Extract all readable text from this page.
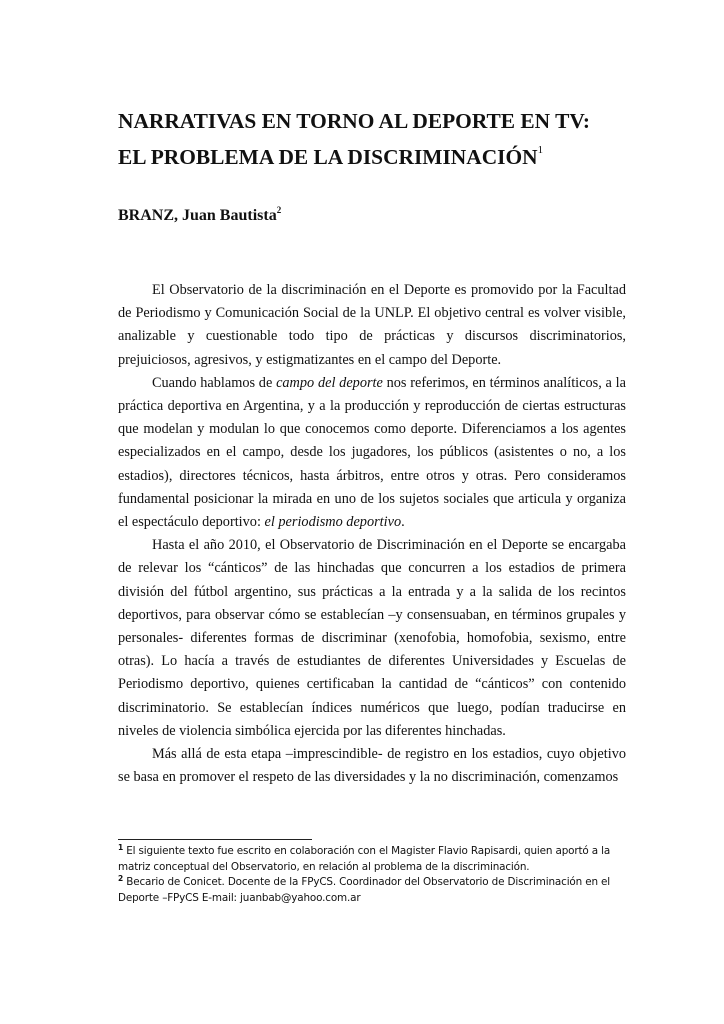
NARRATIVAS EN TORNO AL DEPORTE EN TV:
EL PROBLEMA DE LA DISCRIMINACIÓN$^1$
BRANZ, Juan Bautista$^2$

El Observatorio de la discriminación en el Deporte es promovido por la Facultad de Periodismo y Comunicación Social de la UNLP. El objetivo central es volver visible, analizable y cuestionable todo tipo de prácticas y discursos discriminatorios, prejuiciosos, agresivos, y estigmatizantes en el campo del Deporte.

Cuando hablamos de campo del deporte nos referimos, en términos analíticos, a la práctica deportiva en Argentina, y a la producción y reproducción de ciertas estructuras que modelan y modulan lo que conocemos como deporte. Diferenciamos a los agentes especializados en el campo, desde los jugadores, los públicos (asistentes o no, a los estadios), directores técnicos, hasta árbitros, entre otros y otras. Pero consideramos fundamental posicionar la mirada en uno de los sujetos sociales que articula y organiza el espectáculo deportivo: el periodismo deportivo.

Hasta el año 2010, el Observatorio de Discriminación en el Deporte se encargaba de relevar los “cánticos” de las hinchadas que concurren a los estadios de primera división del fútbol argentino, sus prácticas a la entrada y a la salida de los recintos deportivos, para observar cómo se establecían –y consensuaban, en términos grupales y personales- diferentes formas de discriminar (xenofobia, homofobia, sexismo, entre otras). Lo hacía a través de estudiantes de diferentes Universidades y Escuelas de Periodismo deportivo, quienes certificaban la cantidad de “cánticos” con contenido discriminatorio. Se establecían índices numéricos que luego, podían traducirse en niveles de violencia simbólica ejercida por las diferentes hinchadas.

Más allá de esta etapa –imprescindible- de registro en los estadios, cuyo objetivo se basa en promover el respeto de las diversidades y la no discriminación, comenzamos

$^1$ El siguiente texto fue escrito en colaboración con el Magister Flavio Rapisardi, quien aportó a la matriz conceptual del Observatorio, en relación al problema de la discriminación.

$^2$ Becario de Conicet. Docente de la FPyCS. Coordinador del Observatorio de Discriminación en el Deporte –FPyCS E-mail: juanbab@yahoo.com.ar
